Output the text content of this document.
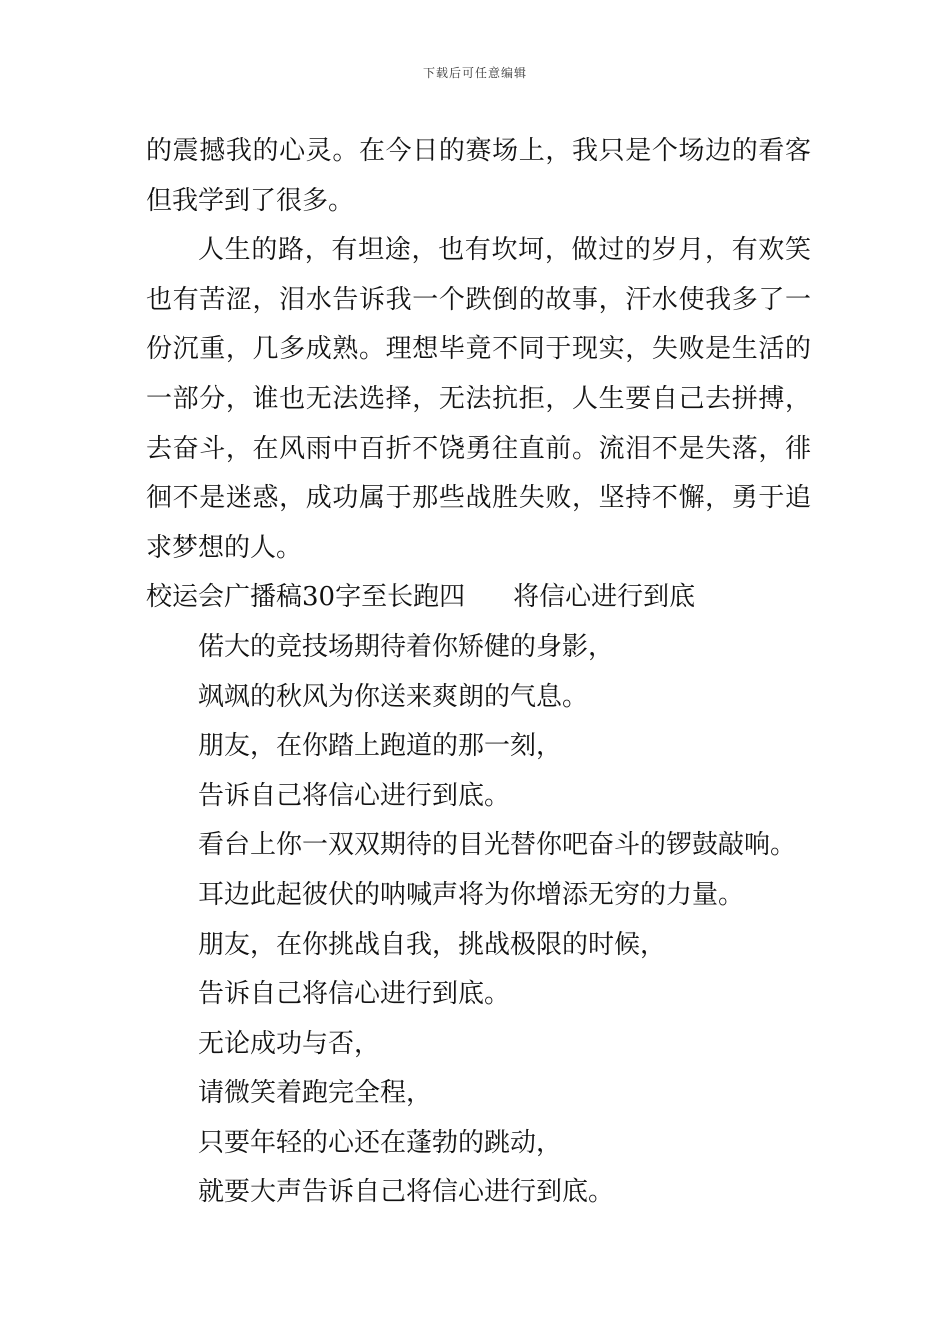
下载后可任意编辑
的震撼我的心灵。在今日的赛场上，我只是个场边的看客
但我学到了很多。
人生的路，有坦途，也有坎坷，做过的岁月，有欢笑
也有苦涩，泪水告诉我一个跌倒的故事，汗水使我多了一
份沉重，几多成熟。理想毕竟不同于现实，失败是生活的
一部分，谁也无法选择，无法抗拒，人生要自己去拼搏，
去奋斗，在风雨中百折不饶勇往直前。流泪不是失落，徘
徊不是迷惑，成功属于那些战胜失败，坚持不懈，勇于追
求梦想的人。
校运会广播稿30字至长跑四 将信心进行到底
偌大的竞技场期待着你矫健的身影，
飒飒的秋风为你送来爽朗的气息。
朋友，在你踏上跑道的那一刻，
告诉自己将信心进行到底。
看台上你一双双期待的目光替你吧奋斗的锣鼓敲响。
耳边此起彼伏的呐喊声将为你增添无穷的力量。
朋友，在你挑战自我，挑战极限的时候，
告诉自己将信心进行到底。
无论成功与否，
请微笑着跑完全程，
只要年轻的心还在蓬勃的跳动，
就要大声告诉自己将信心进行到底。
